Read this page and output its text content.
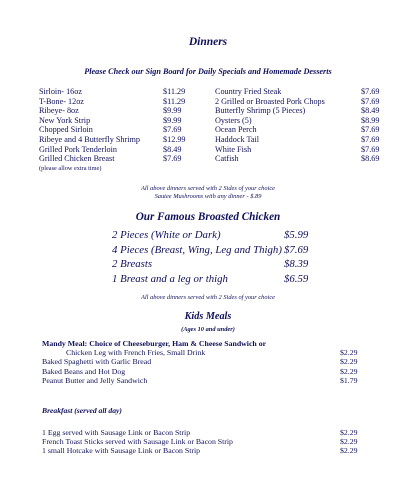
Dinners
Please Check our Sign Board for Daily Specials and Homemade Desserts
Sirloin- 16oz	$11.29
T-Bone- 12oz	$11.29
Ribeye- 8oz	$9.99
New York Strip	$9.99
Chopped Sirloin	$7.69
Ribeye and 4 Butterfly Shrimp	$12.99
Grilled Pork Tenderloin	$8.49
Grilled Chicken Breast	$7.69
(please allow extra time)
Country Fried Steak	$7.69
2 Grilled or Broasted Pork Chops	$7.69
Butterfly Shrimp (5 Pieces)	$8.49
Oysters (5)	$8.99
Ocean Perch	$7.69
Haddock Tail	$7.69
White Fish	$7.69
Catfish	$8.69
All above dinners served with 2 Sides of your choice
Sautee Mushrooms with any dinner - $.89
Our Famous Broasted Chicken
2 Pieces (White or Dark)	$5.99
4 Pieces (Breast, Wing, Leg and Thigh) $7.69
2 Breasts	$8.39
1 Breast and a leg or thigh	$6.59
All above dinners served with 2 Sides of your choice
Kids Meals
(Ages 10 and under)
Mandy Meal: Choice of Cheeseburger, Ham & Cheese Sandwich or
Chicken Leg with French Fries, Small Drink	$2.29
Baked Spaghetti with Garlic Bread	$2.29
Baked Beans and Hot Dog	$2.29
Peanut Butter and Jelly Sandwich	$1.79
Breakfast (served all day)
1 Egg served with Sausage Link or Bacon Strip	$2.29
French Toast Sticks served with Sausage Link or Bacon Strip	$2.29
1 small Hotcake with Sausage Link or Bacon Strip	$2.29
